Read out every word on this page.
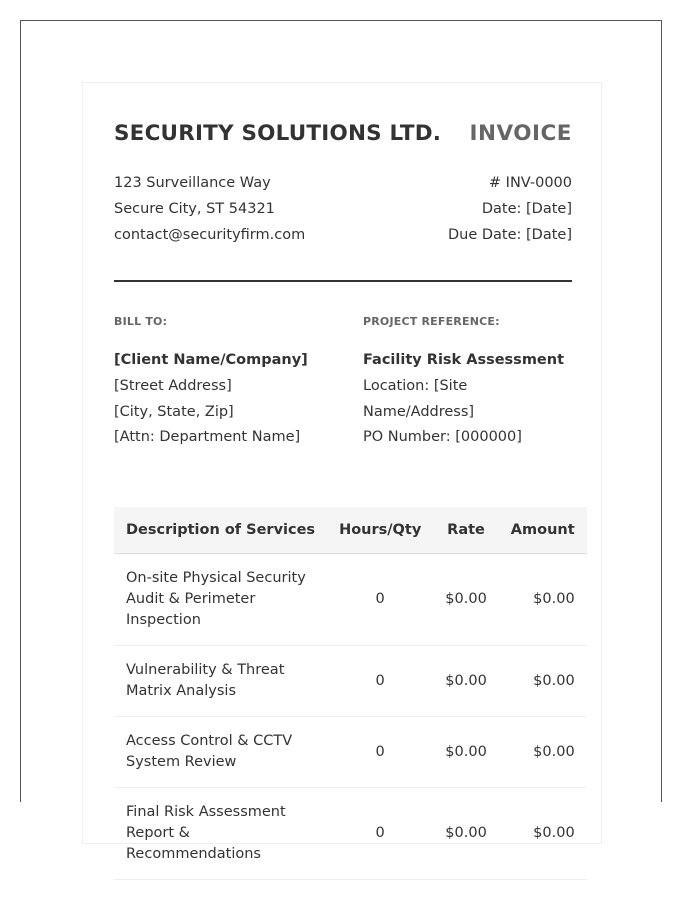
SECURITY SOLUTIONS LTD. INVOICE
123 Surveillance Way
Secure City, ST 54321
contact@securityfirm.com
# INV-0000
Date: [Date]
Due Date: [Date]
BILL TO:
[Client Name/Company]
[Street Address]
[City, State, Zip]
[Attn: Department Name]
PROJECT REFERENCE:
Facility Risk Assessment
Location: [Site Name/Address]
PO Number: [000000]
Description of Services	Hours/Qty	Rate	Amount
On-site Physical Security Audit & Perimeter Inspection	0	$0.00	$0.00
Vulnerability & Threat Matrix Analysis	0	$0.00	$0.00
Access Control & CCTV System Review	0	$0.00	$0.00
Final Risk Assessment Report & Recommendations	0	$0.00	$0.00
